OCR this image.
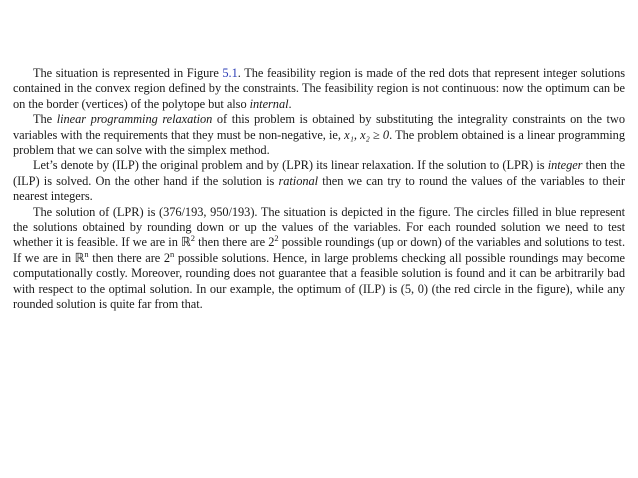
The situation is represented in Figure 5.1. The feasibility region is made of the red dots that represent integer solutions contained in the convex region defined by the constraints. The feasibility region is not continuous: now the optimum can be on the border (vertices) of the polytope but also internal.

The linear programming relaxation of this problem is obtained by substituting the integrality constraints on the two variables with the requirements that they must be non-negative, ie, x₁, x₂ ≥ 0. The problem obtained is a linear programming problem that we can solve with the simplex method.

Let’s denote by (ILP) the original problem and by (LPR) its linear relaxation. If the solution to (LPR) is integer then the (ILP) is solved. On the other hand if the solution is rational then we can try to round the values of the variables to their nearest integers.

The solution of (LPR) is (376/193, 950/193). The situation is depicted in the figure. The circles filled in blue represent the solutions obtained by rounding down or up the values of the variables. For each rounded solution we need to test whether it is feasible. If we are in ℝ$^2$ then there are $2^2$ possible roundings (up or down) of the variables and solutions to test. If we are in ℝ$^n$ then there are 2$^n$ possible solutions. Hence, in large problems checking all possible roundings may become computationally costly. Moreover, rounding does not guarantee that a feasible solution is found and it can be arbitrarily bad with respect to the optimal solution. In our example, the optimum of (ILP) is (5, 0) (the red circle in the figure), while any rounded solution is quite far from that.
